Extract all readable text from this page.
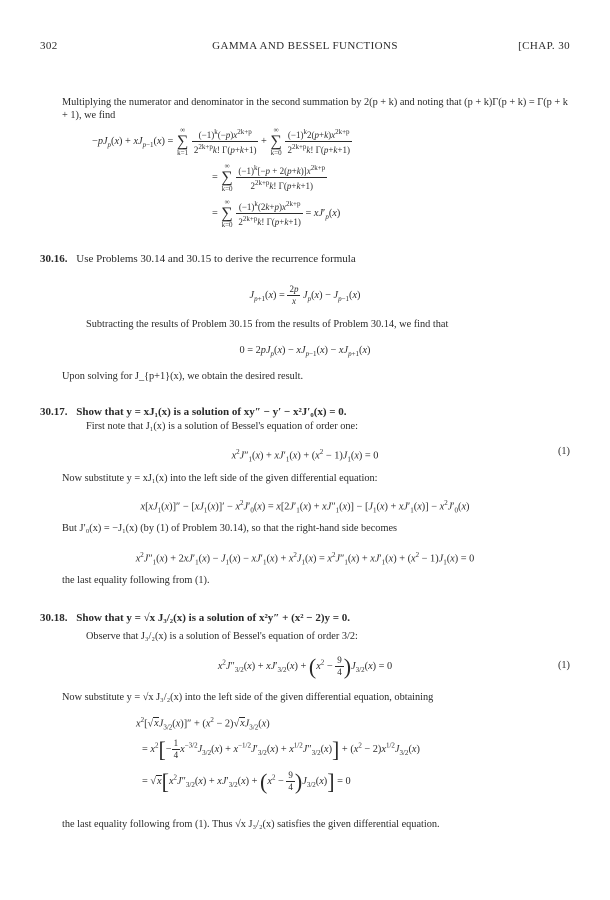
302	GAMMA AND BESSEL FUNCTIONS	[CHAP. 30
Multiplying the numerator and denominator in the second summation by 2(p + k) and noting that (p + k)Γ(p + k) = Γ(p + k + 1), we find
$-pJ_p(x) + xJ_{p-1}(x)$ = ∞
∑
$k=1 \frac{(-1)^k(-p)x^{2k+p}}{2^{2k+p}k! \Gamma(p+k+1)}$ + ∞
∑
$k=0 \frac{(-1)^k2(p+k)x^{2k+p}}{2^{2k+p}k! \Gamma(p+k+1)}$
= ∞
∑
$k=0 \frac{(-1)^k[-p + 2(p+k)]x^{2k+p}}{2^{2k+p}k! \Gamma(p+k+1)}$
= ∞
∑
$k=0 \frac{(-1)^k(2k+p)x^{2k+p}}{2^{2k+p}k! \Gamma(p+k+1)} = xJ'_p(x)$
30.16. Use Problems 30.14 and 30.15 to derive the recurrence formula
$J_{p+1}(x) = \frac{2p}{x} J_p(x) - J_{p-1}(x)$
Subtracting the results of Problem 30.15 from the results of Problem 30.14, we find that
$0 = 2pJ_p(x) - xJ_{p-1}(x) - xJ_{p+1}(x)$
Upon solving for J_{p+1}(x), we obtain the desired result.
30.17. Show that y = xJ₁(x) is a solution of xy″ − y′ − x²J′₀(x) = 0.
First note that J₁(x) is a solution of Bessel's equation of order one:
$x^2J''_1(x) + xJ'_1(x) + (x^2 - 1)J_1(x) = 0$	(1)
Now substitute y = xJ₁(x) into the left side of the given differential equation:
$x[xJ_1(x)]'' - [xJ_1(x)]' - x^2J'_0(x) = x[2J'_1(x) + xJ''_1(x)] - [J_1(x) + xJ'_1(x)] - x^2J'_0(x)$
But J′₀(x) = −J₁(x) (by (1) of Problem 30.14), so that the right-hand side becomes
$x^2J''_1(x) + 2xJ'_1(x) - J_1(x) - xJ'_1(x) + x^2J_1(x) = x^2J''_1(x) + xJ'_1(x) + (x^2 - 1)J_1(x) = 0$
the last equality following from (1).
30.18. Show that y = √x J₃/₂(x) is a solution of x²y″ + (x² − 2)y = 0.
Observe that J₃/₂(x) is a solution of Bessel's equation of order 3/2:
$x^2J''_{3/2}(x) + xJ'_{3/2}(x) + (x^2 - \frac{9}{4} )J_{3/2}(x) = 0$	(1)
Now substitute y = √x J₃/₂(x) into the left side of the given differential equation, obtaining
$x^2[√xJ_{3/2}(x)]'' + (x^2 - 2)√xJ_{3/2}(x)$
= $x^2[- \frac{1}{4} x^{-3/2}J_{3/2}(x) + x^{-1/2}J'_{3/2}(x) + x^{1/2}J''_{3/2}(x)] + (x^2 - 2)x^{1/2}J_{3/2}(x)$
= $√x[x^2J''_{3/2}(x) + xJ'_{3/2}(x) + (x^2 - \frac{9}{4} )J_{3/2}(x)] = 0$
the last equality following from (1). Thus √x J₃/₂(x) satisfies the given differential equation.
